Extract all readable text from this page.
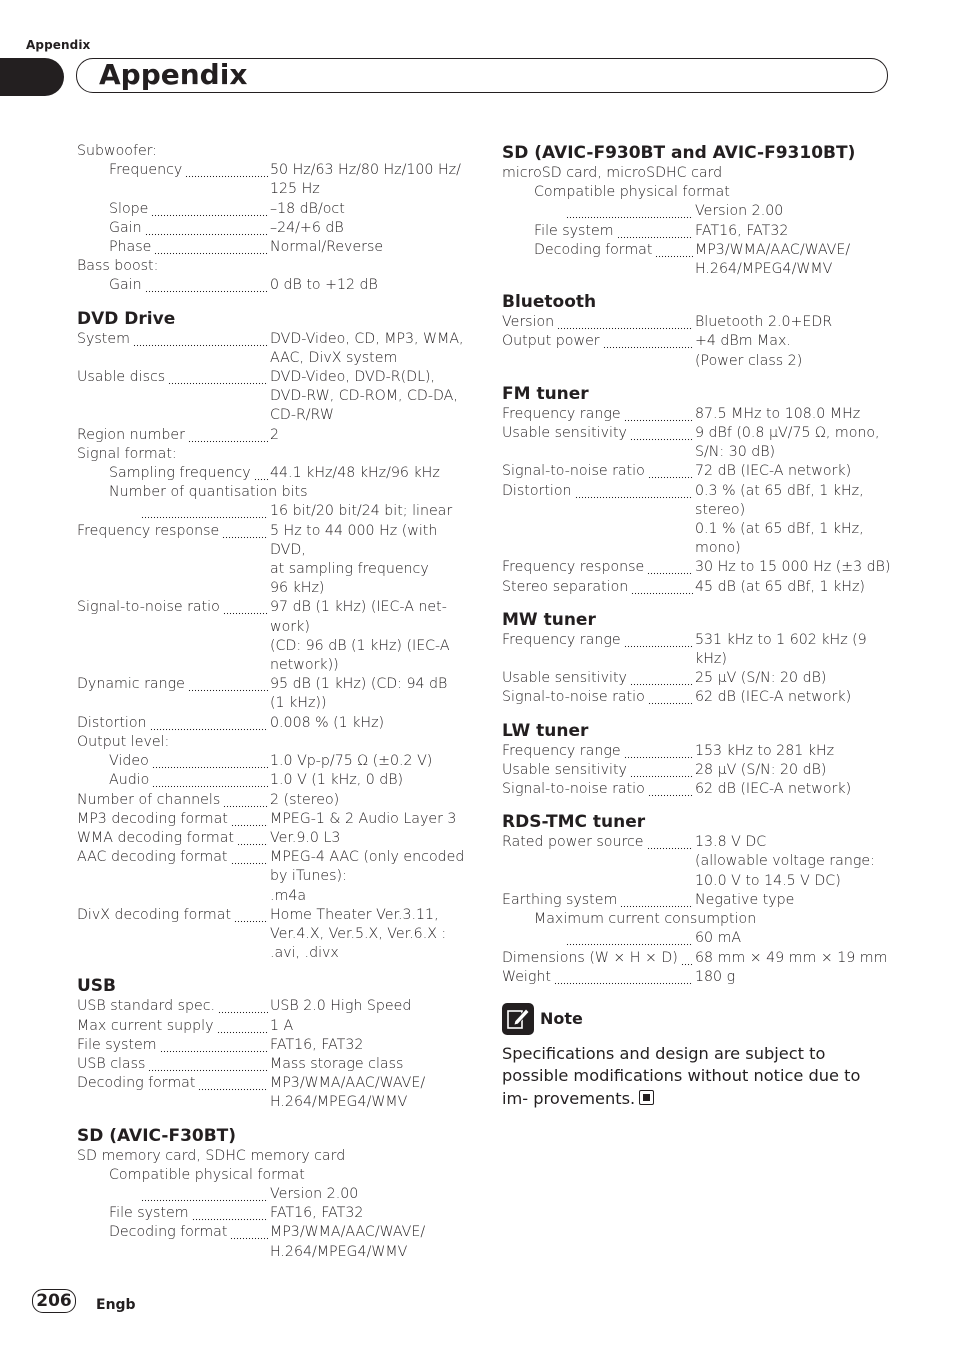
Appendix
Appendix
Subwoofer:
Frequency	50 Hz/63 Hz/80 Hz/100 Hz/
125 Hz
Slope	–18 dB/oct
Gain	–24/+6 dB
Phase	Normal/Reverse
Bass boost:
Gain	0 dB to +12 dB
DVD Drive
System	DVD-Video, CD, MP3, WMA,
AAC, DivX system
Usable discs	DVD-Video, DVD-R(DL),
DVD-RW, CD-ROM, CD-DA,
CD-R/RW
Region number	2
Signal format:
Sampling frequency 44.1 kHz/48 kHz/96 kHz
Number of quantisation bits
16 bit/20 bit/24 bit; linear
Frequency response	5 Hz to 44 000 Hz (with DVD,
at sampling frequency
96 kHz)
Signal-to-noise ratio	97 dB (1 kHz) (IEC-A net-
work)
(CD: 96 dB (1 kHz) (IEC-A
network))
Dynamic range	95 dB (1 kHz) (CD: 94 dB
(1 kHz))
Distortion	0.008 % (1 kHz)
Output level:
Video	1.0 Vp-p/75 Ω (±0.2 V)
Audio	1.0 V (1 kHz, 0 dB)
Number of channels	2 (stereo)
MP3 decoding format	MPEG-1 & 2 Audio Layer 3
WMA decoding format	Ver.9.0 L3
AAC decoding format	MPEG-4 AAC (only encoded
by iTunes):
.m4a
DivX decoding format	Home Theater Ver.3.11,
Ver.4.X, Ver.5.X, Ver.6.X :
.avi, .divx
USB
USB standard spec.	USB 2.0 High Speed
Max current supply	1 A
File system	FAT16, FAT32
USB class	Mass storage class
Decoding format	MP3/WMA/AAC/WAVE/
H.264/MPEG4/WMV
SD (AVIC-F30BT)
SD memory card, SDHC memory card
Compatible physical format
Version 2.00
File system	FAT16, FAT32
Decoding format	MP3/WMA/AAC/WAVE/
H.264/MPEG4/WMV
SD (AVIC-F930BT and AVIC-F9310BT)
microSD card, microSDHC card
Compatible physical format
Version 2.00
File system	FAT16, FAT32
Decoding format	MP3/WMA/AAC/WAVE/
H.264/MPEG4/WMV
Bluetooth
Version	Bluetooth 2.0+EDR
Output power	+4 dBm Max.
(Power class 2)
FM tuner
Frequency range	87.5 MHz to 108.0 MHz
Usable sensitivity	9 dBf (0.8 µV/75 Ω, mono,
S/N: 30 dB)
Signal-to-noise ratio	72 dB (IEC-A network)
Distortion	0.3 % (at 65 dBf, 1 kHz,
stereo)
0.1 % (at 65 dBf, 1 kHz,
mono)
Frequency response	30 Hz to 15 000 Hz (±3 dB)
Stereo separation	45 dB (at 65 dBf, 1 kHz)
MW tuner
Frequency range	531 kHz to 1 602 kHz (9 kHz)
Usable sensitivity	25 µV (S/N: 20 dB)
Signal-to-noise ratio	62 dB (IEC-A network)
LW tuner
Frequency range	153 kHz to 281 kHz
Usable sensitivity	28 µV (S/N: 20 dB)
Signal-to-noise ratio	62 dB (IEC-A network)
RDS-TMC tuner
Rated power source	13.8 V DC
(allowable voltage range:
10.0 V to 14.5 V DC)
Earthing system	Negative type
Maximum current consumption
60 mA
Dimensions (W × H × D) 68 mm × 49 mm × 19 mm
Weight	180 g
Note
Specifications and design are subject to possible modifications without notice due to im- provements.
206	Engb
